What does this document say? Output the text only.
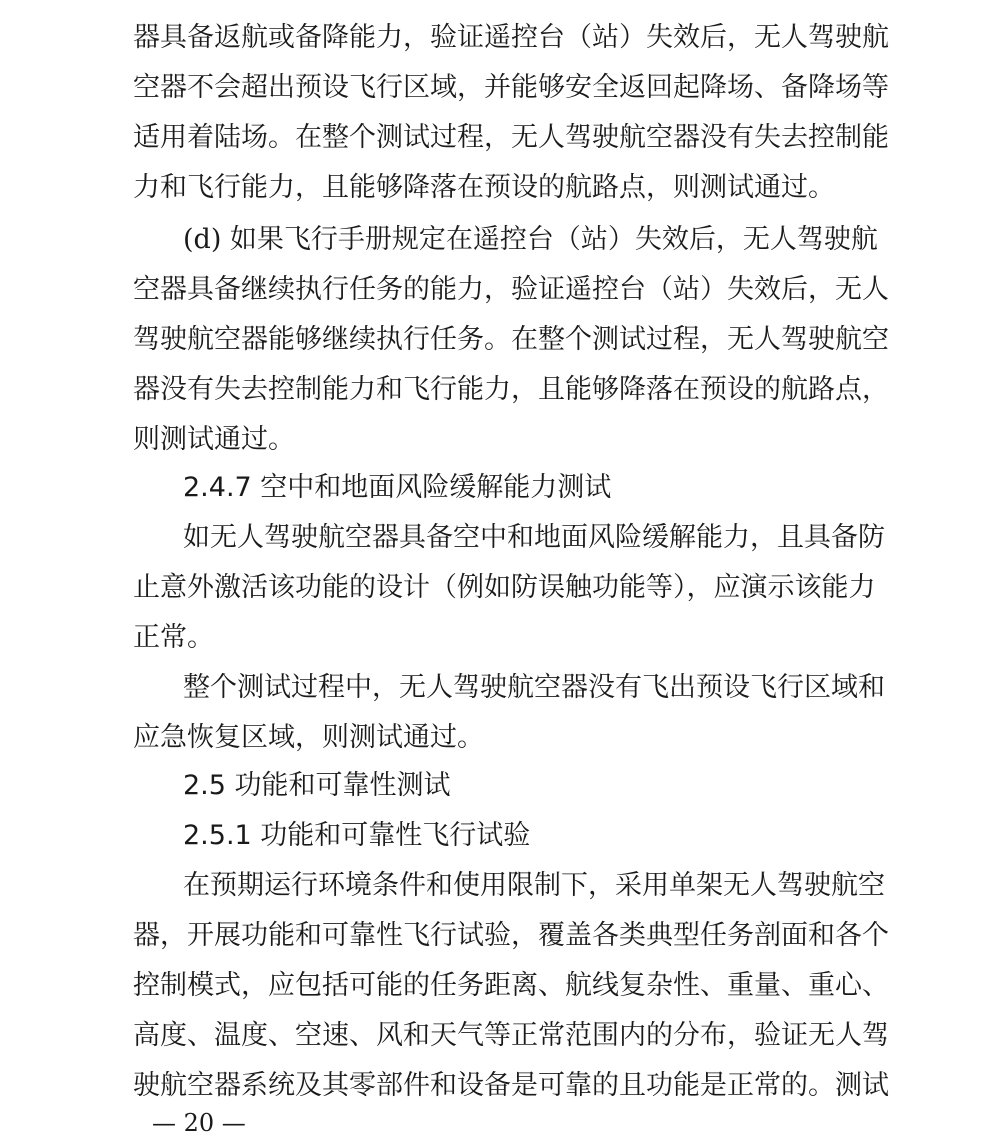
器具备返航或备降能力，验证遥控台（站）失效后，无人驾驶航
空器不会超出预设飞行区域，并能够安全返回起降场、备降场等
适用着陆场。在整个测试过程，无人驾驶航空器没有失去控制能
力和飞行能力，且能够降落在预设的航路点，则测试通过。
(d) 如果飞行手册规定在遥控台（站）失效后，无人驾驶航
空器具备继续执行任务的能力，验证遥控台（站）失效后，无人
驾驶航空器能够继续执行任务。在整个测试过程，无人驾驶航空
器没有失去控制能力和飞行能力，且能够降落在预设的航路点，
则测试通过。
2.4.7 空中和地面风险缓解能力测试
如无人驾驶航空器具备空中和地面风险缓解能力，且具备防
止意外激活该功能的设计（例如防误触功能等），应演示该能力
正常。
整个测试过程中，无人驾驶航空器没有飞出预设飞行区域和
应急恢复区域，则测试通过。
2.5 功能和可靠性测试
2.5.1 功能和可靠性飞行试验
在预期运行环境条件和使用限制下，采用单架无人驾驶航空
器，开展功能和可靠性飞行试验，覆盖各类典型任务剖面和各个
控制模式，应包括可能的任务距离、航线复杂性、重量、重心、
高度、温度、空速、风和天气等正常范围内的分布，验证无人驾
驶航空器系统及其零部件和设备是可靠的且功能是正常的。测试
— 20 —
